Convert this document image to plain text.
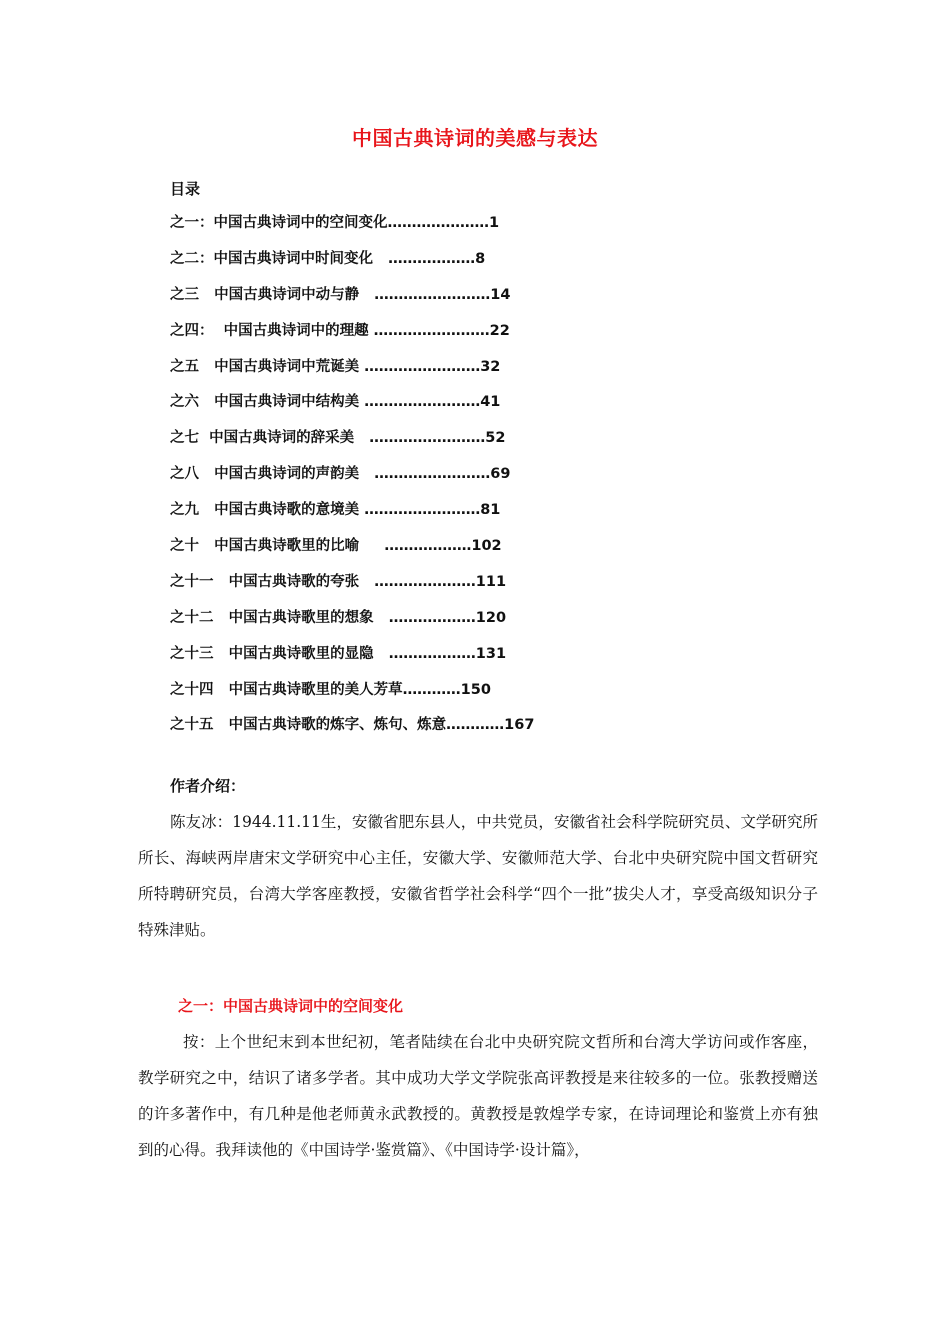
中国古典诗词的美感与表达
目录
之一：中国古典诗词中的空间变化…………………1
之二：中国古典诗词中时间变化   ………………8
之三   中国古典诗词中动与静   ……………………14
之四：  中国古典诗词中的理趣 ……………………22
之五   中国古典诗词中荒诞美 ……………………32
之六   中国古典诗词中结构美 ……………………41
之七  中国古典诗词的辞采美   ……………………52
之八   中国古典诗词的声韵美   ……………………69
之九   中国古典诗歌的意境美 ……………………81
之十   中国古典诗歌里的比喻     ………………102
之十一   中国古典诗歌的夸张   …………………111
之十二   中国古典诗歌里的想象   ………………120
之十三   中国古典诗歌里的显隐   ………………131
之十四   中国古典诗歌里的美人芳草…………150
之十五   中国古典诗歌的炼字、炼句、炼意…………167
作者介绍：

陈友冰：1944.11.11生，安徽省肥东县人，中共党员，安徽省社会科学院研究员、文学研究所所长、海峡两岸唐宋文学研究中心主任，安徽大学、安徽师范大学、台北中央研究院中国文哲研究所特聘研究员，台湾大学客座教授，安徽省哲学社会科学“四个一批”拔尖人才，享受高级知识分子特殊津贴。

之一：中国古典诗词中的空间变化

按：上个世纪末到本世纪初，笔者陆续在台北中央研究院文哲所和台湾大学访问或作客座，教学研究之中，结识了诸多学者。其中成功大学文学院张高评教授是来往较多的一位。张教授赠送的许多著作中，有几种是他老师黄永武教授的。黄教授是敦煌学专家，在诗词理论和鉴赏上亦有独到的心得。我拜读他的《中国诗学·鉴赏篇》、《中国诗学·设计篇》，
